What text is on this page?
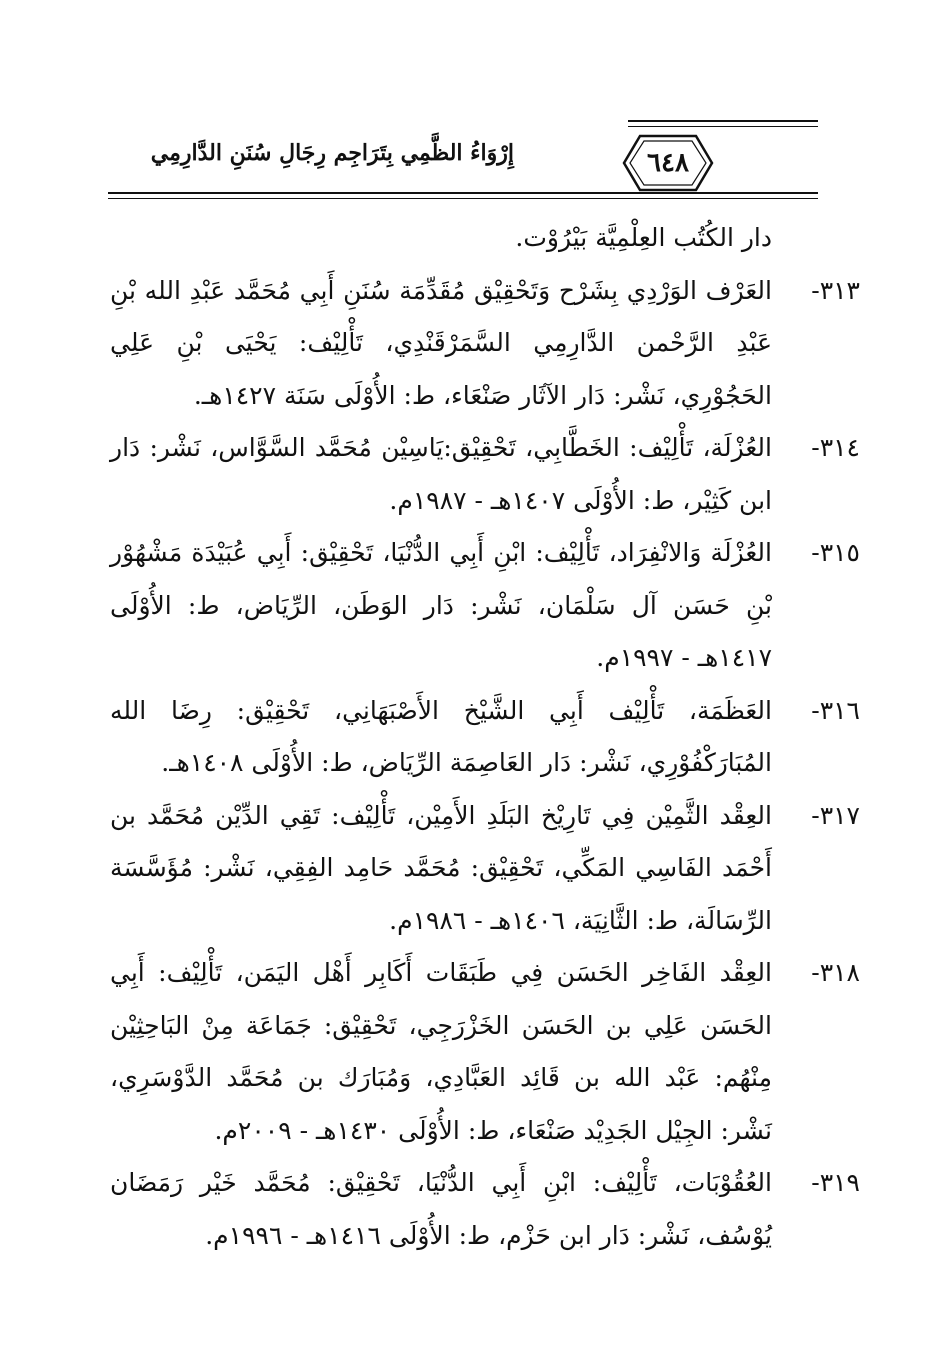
٦٤٨
إِرْوَاءُ الظَّمِي بِتَرَاجِم رِجَالِ سُنَنِ الدَّارِمِي

دار الكُتُب العِلْمِيَّة بَيْرُوْت.

٣١٣-
العَرْف الوَرْدِي بِشَرْح وَتَحْقِيْق مُقَدِّمَة سُنَنِ أَبِي مُحَمَّد عَبْدِ الله بْنِ عَبْدِ الرَّحْمن الدَّارِمِي السَّمَرْقَنْدِي، تَأْلِيْف: يَحْيَى بْنِ عَلِي الحَجُوْرِي، نَشْر: دَار الآثَار صَنْعَاء، ط: الأُوْلَى سَنَة ١٤٢٧هـ.

٣١٤-
العُزْلَة، تَأْلِيْف: الخَطَّابِي، تَحْقِيْق:يَاسِيْن مُحَمَّد السَّوَّاس، نَشْر: دَار ابن كَثِيْر، ط: الأُوْلَى ١٤٠٧هـ - ١٩٨٧م.

٣١٥-
العُزْلَة وَالانْفِرَاد، تَأْلِيْف: ابْنِ أَبِي الدُّنْيَا، تَحْقِيْق: أَبِي عُبَيْدَة مَشْهُوْر بْنِ حَسَن آل سَلْمَان، نَشْر: دَار الوَطَن، الرِّيَاض، ط: الأُوْلَى ١٤١٧هـ - ١٩٩٧م.

٣١٦-
العَظَمَة، تَأْلِيْف أَبِي الشَّيْخ الأَصْبَهَانِي، تَحْقِيْق: رِضَا الله المُبَارَكْفُوْرِي، نَشْر: دَار العَاصِمَة الرِّيَاض، ط: الأُوْلَى ١٤٠٨هـ.

٣١٧-
العِقْد الثَّمِيْن فِي تَارِيْخ البَلَدِ الأَمِيْن، تَأْلِيْف: تَقِي الدِّيْن مُحَمَّد بن أَحْمَد الفَاسِي المَكِّي، تَحْقِيْق: مُحَمَّد حَامِد الفِقِي، نَشْر: مُؤَسَّسَة الرِّسَالَة، ط: الثَّانِيَة، ١٤٠٦هـ - ١٩٨٦م.

٣١٨-
العِقْد الفَاخِر الحَسَن فِي طَبَقَات أَكَابِر أَهْل اليَمَن، تَأْلِيْف: أَبِي الحَسَن عَلِي بن الحَسَن الخَزْرَجِي، تَحْقِيْق: جَمَاعَة مِنْ البَاحِثِيْن مِنْهُم: عَبْد الله بن قَائِد العَبَّادِي، وَمُبَارَك بن مُحَمَّد الدَّوْسَرِي، نَشْر: الجِيْل الجَدِيْد صَنْعَاء، ط: الأُوْلَى ١٤٣٠هـ - ٢٠٠٩م.

٣١٩-
العُقُوْبَات، تَأْلِيْف: ابْنِ أَبِي الدُّنْيَا، تَحْقِيْق: مُحَمَّد خَيْر رَمَضَان يُوْسُف، نَشْر: دَار ابن حَزْم، ط: الأُوْلَى ١٤١٦هـ - ١٩٩٦م.
